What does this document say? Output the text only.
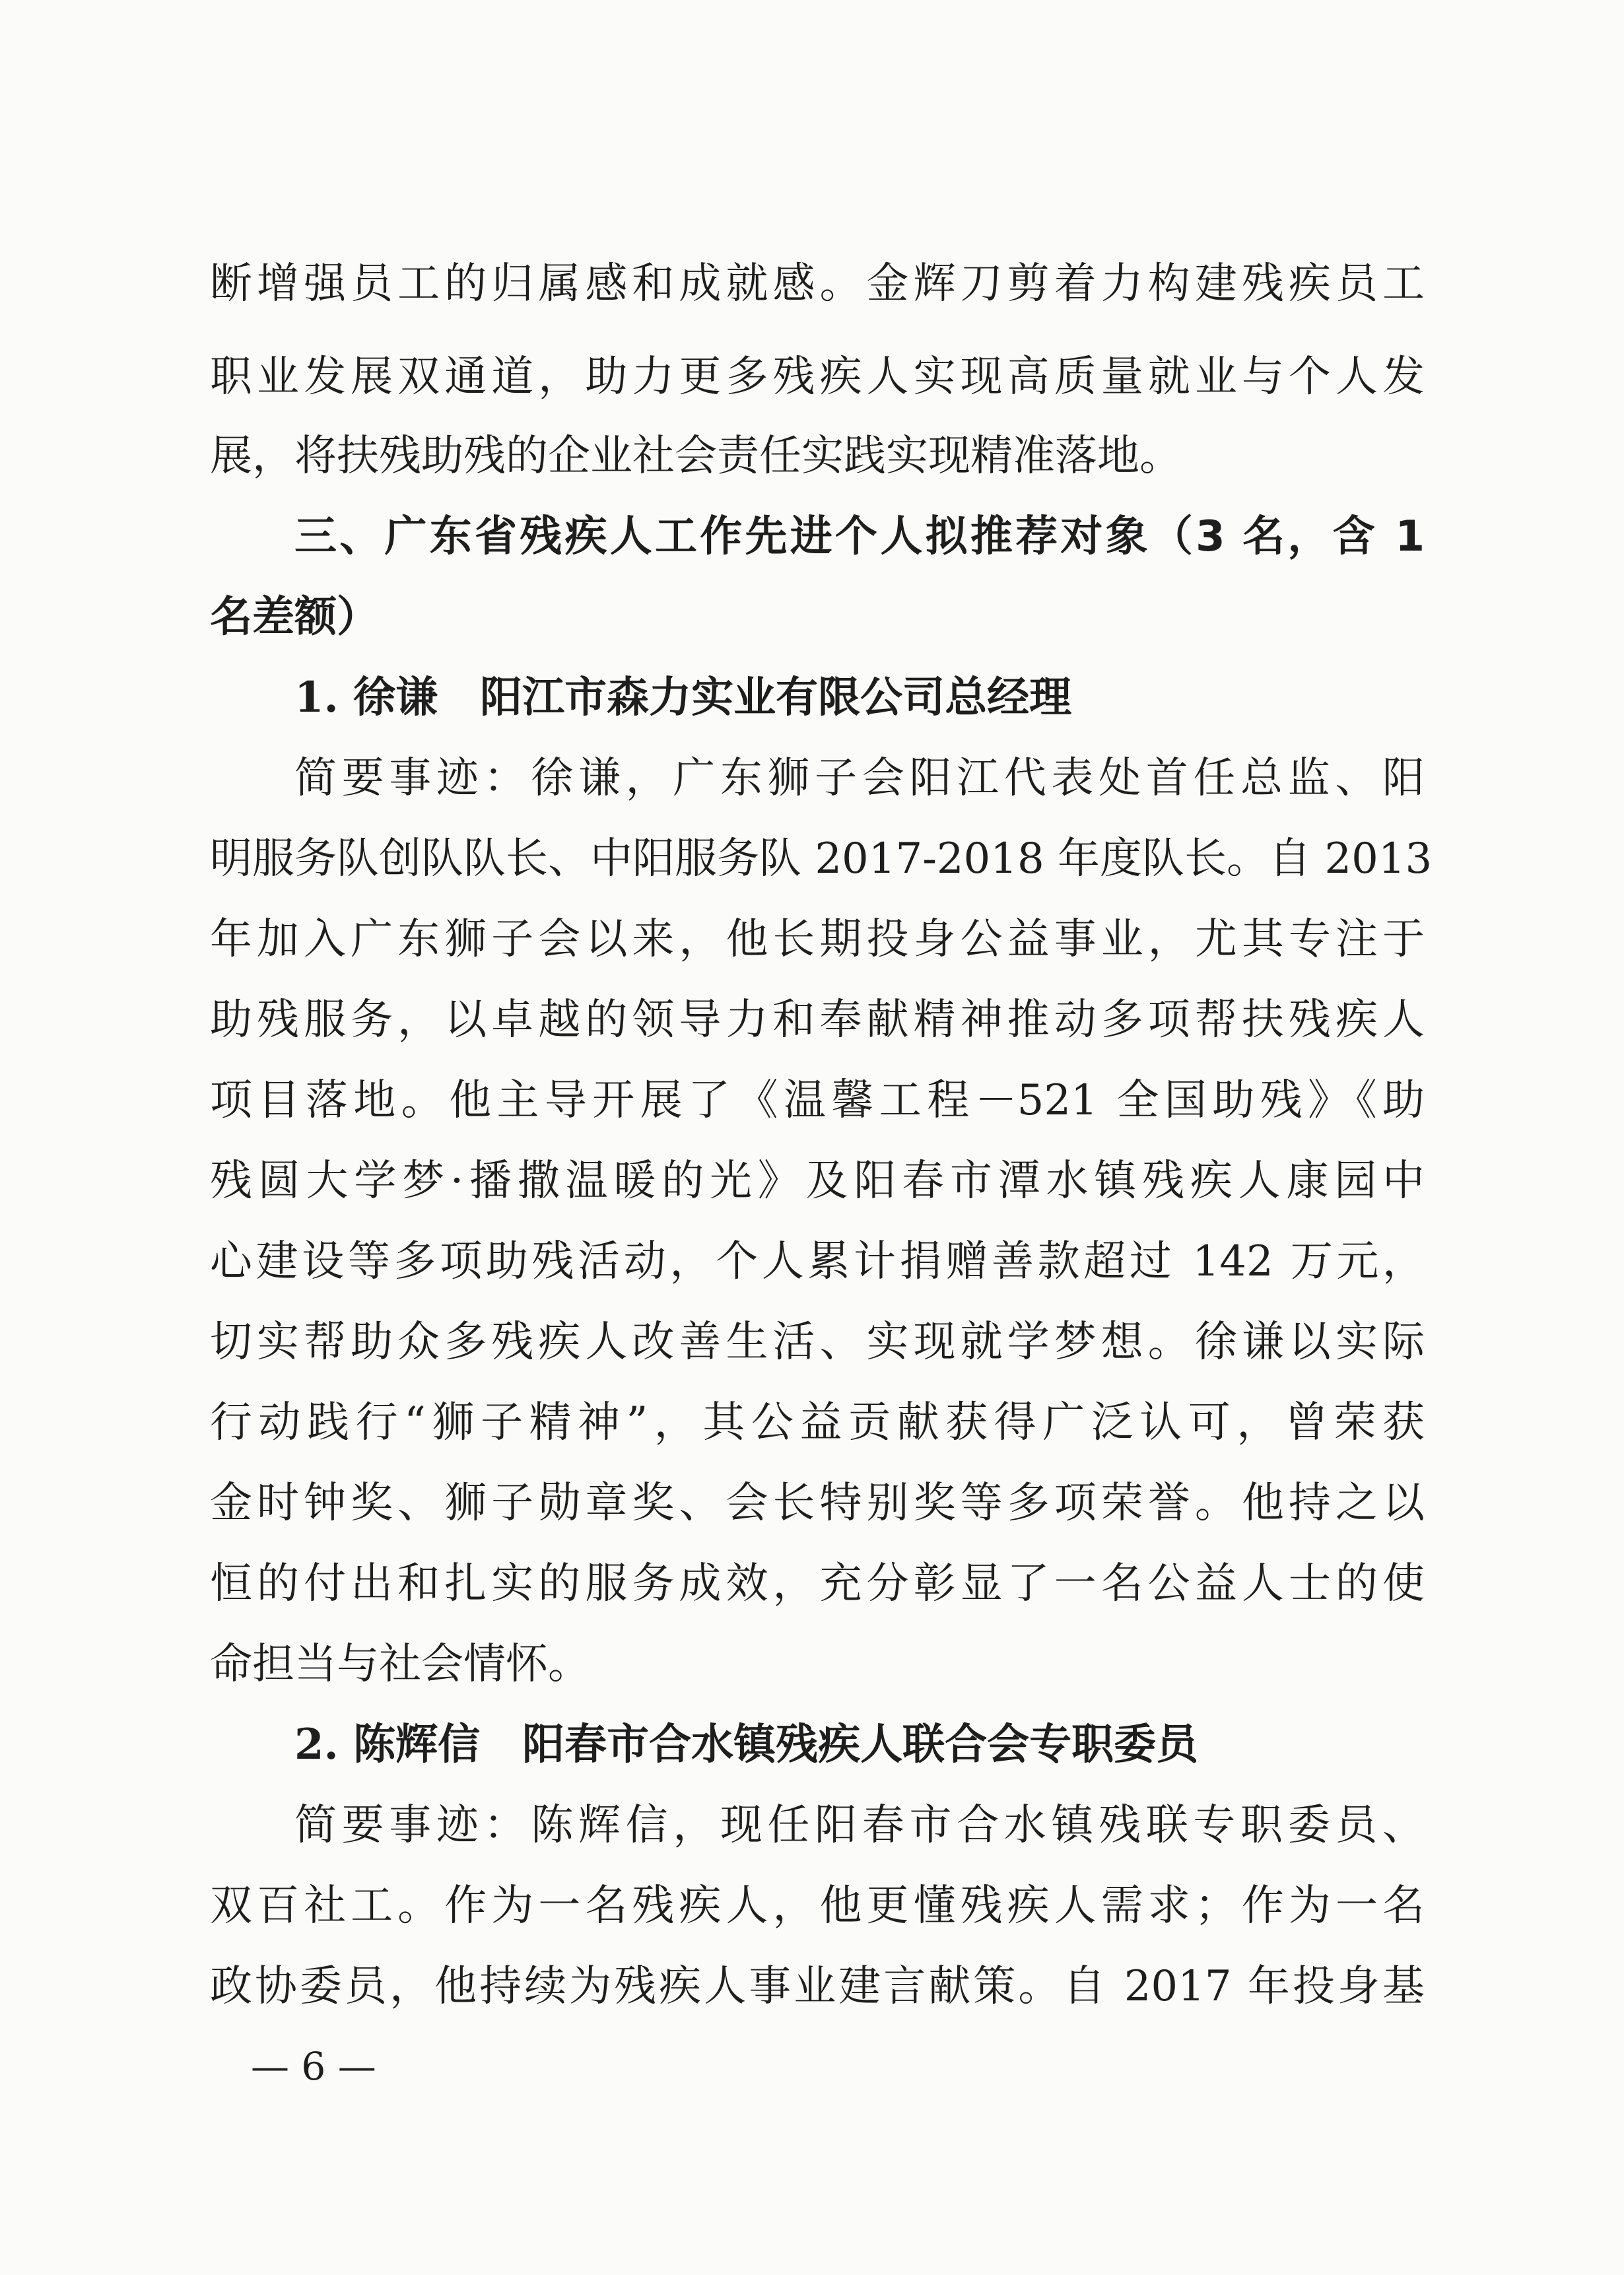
断增强员工的归属感和成就感。金辉刀剪着力构建残疾员工
职业发展双通道，助力更多残疾人实现高质量就业与个人发
展，将扶残助残的企业社会责任实践实现精准落地。
三、广东省残疾人工作先进个人拟推荐对象（3 名，含 1
名差额）
1. 徐谦　阳江市森力实业有限公司总经理
简要事迹：徐谦，广东狮子会阳江代表处首任总监、阳
明服务队创队队长、中阳服务队 2017-2018 年度队长。自 2013
年加入广东狮子会以来，他长期投身公益事业，尤其专注于
助残服务，以卓越的领导力和奉献精神推动多项帮扶残疾人
项目落地。他主导开展了《温馨工程－521 全国助残》《助
残圆大学梦·播撒温暖的光》及阳春市潭水镇残疾人康园中
心建设等多项助残活动，个人累计捐赠善款超过 142 万元，
切实帮助众多残疾人改善生活、实现就学梦想。徐谦以实际
行动践行“狮子精神”，其公益贡献获得广泛认可，曾荣获
金时钟奖、狮子勋章奖、会长特别奖等多项荣誉。他持之以
恒的付出和扎实的服务成效，充分彰显了一名公益人士的使
命担当与社会情怀。
2. 陈辉信　阳春市合水镇残疾人联合会专职委员
简要事迹：陈辉信，现任阳春市合水镇残联专职委员、
双百社工。作为一名残疾人，他更懂残疾人需求；作为一名
政协委员，他持续为残疾人事业建言献策。自 2017 年投身基
— 6 —
